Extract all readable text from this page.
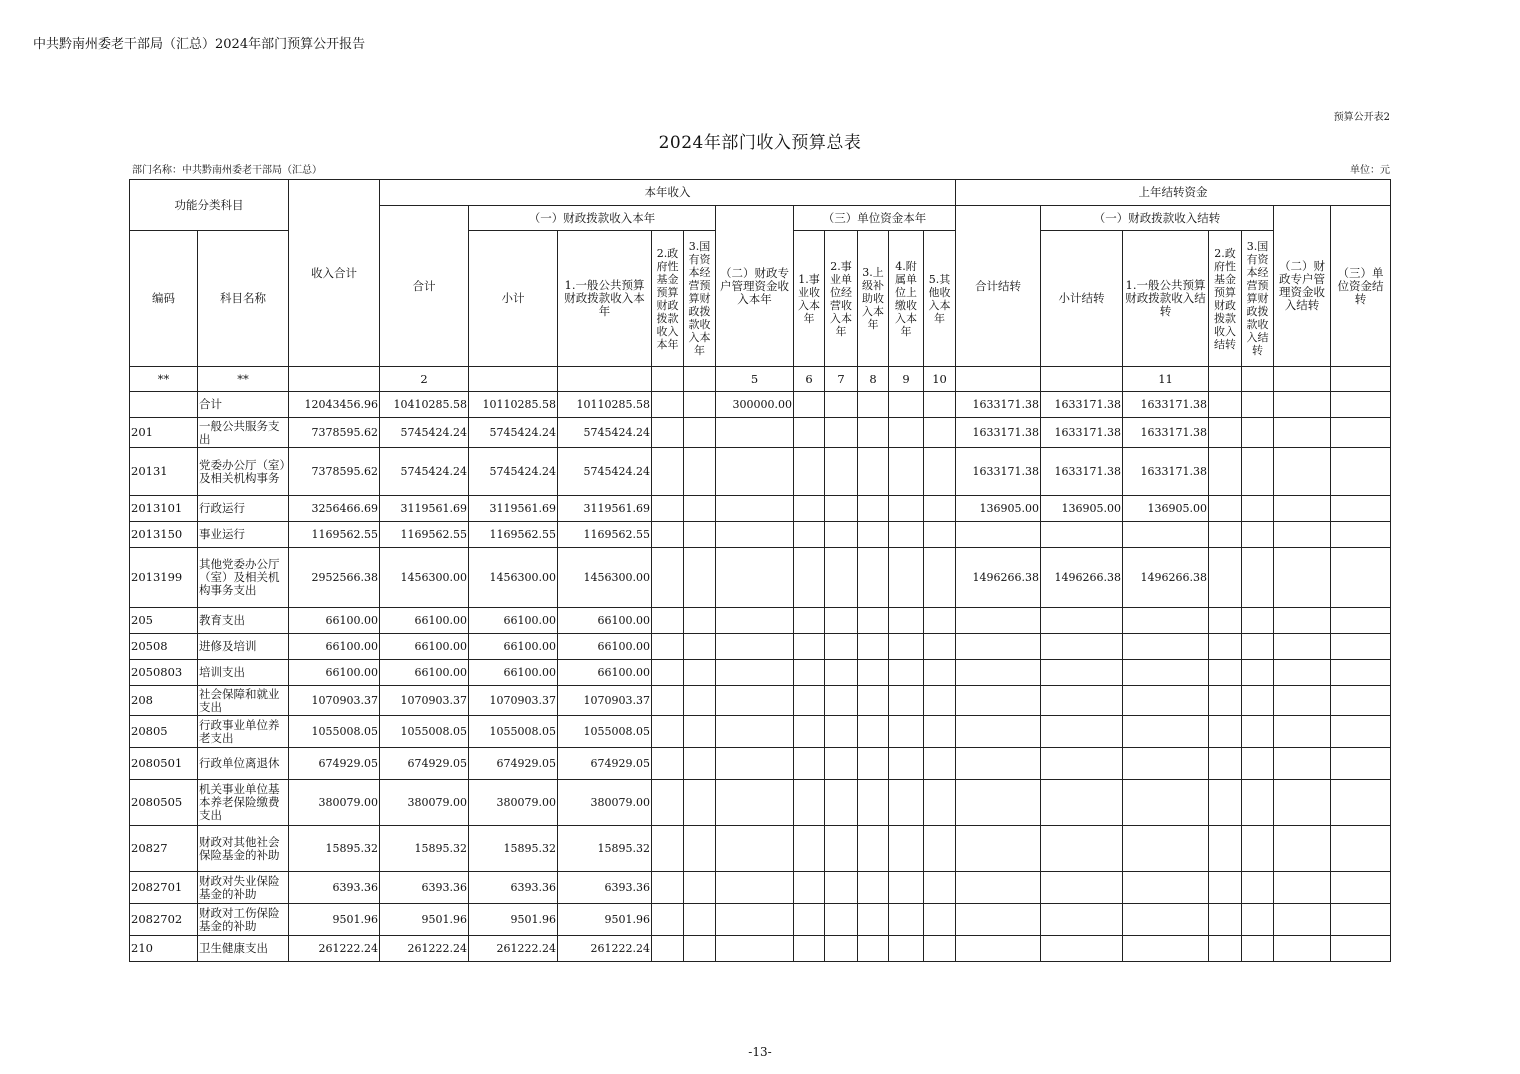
中共黔南州委老干部局（汇总）2024年部门预算公开报告
预算公开表2
2024年部门收入预算总表
部门名称：中共黔南州委老干部局（汇总）	单位：元
功能分类科目		收入合计	本年收入											上年结转资金						
			合计	（一）财政拨款收入本年				（二）财政专户管理资金收入本年	（三）单位资金本年					合计结转	（一）财政拨款收入结转				（二）财政专户管理资金收入结转	（三）单位资金结转
编码	科目名称			小计	1.一般公共预算财政拨款收入本年	2.政府性基金预算财政拨款收入本年	3.国有资本经营预算财政拨款收入本年		1.事业收入本年	2.事业单位经营收入本年	3.上级补助收入本年	4.附属单位上缴收入本年	5.其他收入本年		小计结转	1.一般公共预算财政拨款收入结转	2.政府性基金预算财政拨款收入结转	3.国有资本经营预算财政拨款收入结转		

**	**		2					5	6	7	8	9	10			11				
	合计	12043456.96	10410285.58	10110285.58	10110285.58			300000.00						1633171.38	1633171.38	1633171.38				
201	一般公共服务支出	7378595.62	5745424.24	5745424.24	5745424.24									1633171.38	1633171.38	1633171.38				
20131	党委办公厅（室）及相关机构事务	7378595.62	5745424.24	5745424.24	5745424.24									1633171.38	1633171.38	1633171.38				
2013101	行政运行	3256466.69	3119561.69	3119561.69	3119561.69									136905.00	136905.00	136905.00				
2013150	事业运行	1169562.55	1169562.55	1169562.55	1169562.55															
2013199	其他党委办公厅（室）及相关机构事务支出	2952566.38	1456300.00	1456300.00	1456300.00									1496266.38	1496266.38	1496266.38				
205	教育支出	66100.00	66100.00	66100.00	66100.00															
20508	进修及培训	66100.00	66100.00	66100.00	66100.00															
2050803	培训支出	66100.00	66100.00	66100.00	66100.00															
208	社会保障和就业支出	1070903.37	1070903.37	1070903.37	1070903.37															
20805	行政事业单位养老支出	1055008.05	1055008.05	1055008.05	1055008.05															
2080501	行政单位离退休	674929.05	674929.05	674929.05	674929.05															
2080505	机关事业单位基本养老保险缴费支出	380079.00	380079.00	380079.00	380079.00															
20827	财政对其他社会保险基金的补助	15895.32	15895.32	15895.32	15895.32															
2082701	财政对失业保险基金的补助	6393.36	6393.36	6393.36	6393.36															
2082702	财政对工伤保险基金的补助	9501.96	9501.96	9501.96	9501.96															
210	卫生健康支出	261222.24	261222.24	261222.24	261222.24															
-13-
